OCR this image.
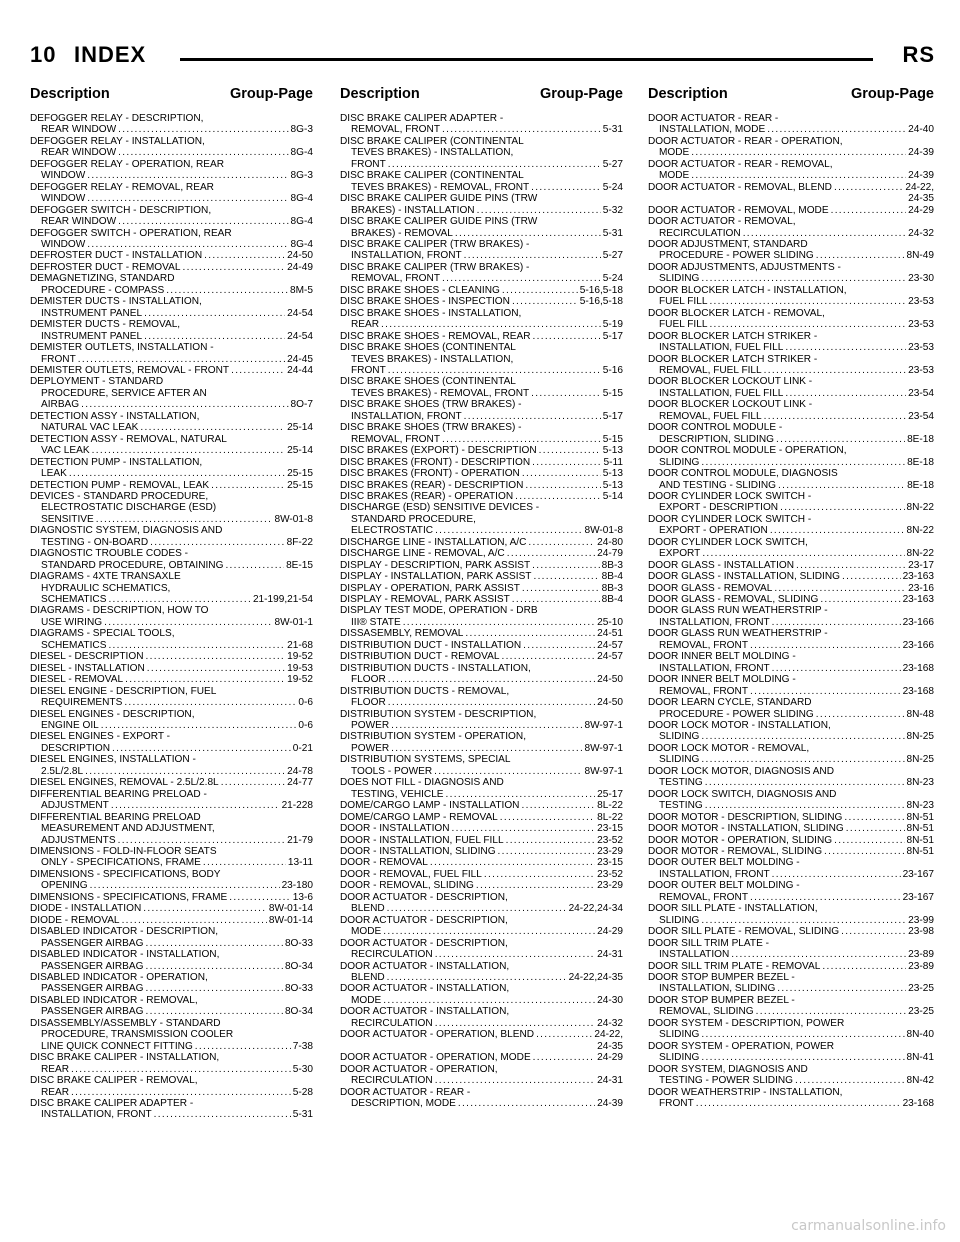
10 INDEX	RS
Description	Group-Page
DEFOGGER RELAY - DESCRIPTION,
REAR WINDOW .....	8G-3
DEFOGGER RELAY - INSTALLATION,
REAR WINDOW .....	8G-4
DEFOGGER RELAY - OPERATION, REAR
WINDOW .....	8G-3
DEFOGGER RELAY - REMOVAL, REAR
WINDOW .....	8G-4
DEFOGGER SWITCH - DESCRIPTION,
REAR WINDOW .....	8G-4
DEFOGGER SWITCH - OPERATION, REAR
WINDOW .....	8G-4
DEFROSTER DUCT - INSTALLATION .....	24-50
DEFROSTER DUCT - REMOVAL .....	24-49
DEMAGNETIZING, STANDARD
PROCEDURE - COMPASS .....	8M-5
DEMISTER DUCTS - INSTALLATION,
INSTRUMENT PANEL .....	24-54
DEMISTER DUCTS - REMOVAL,
INSTRUMENT PANEL .....	24-54
DEMISTER OUTLETS, INSTALLATION -
FRONT .....	24-45
DEMISTER OUTLETS, REMOVAL - FRONT .....	24-44
DEPLOYMENT - STANDARD
PROCEDURE, SERVICE AFTER AN
AIRBAG .....	8O-7
DETECTION ASSY - INSTALLATION,
NATURAL VAC LEAK .....	25-14
DETECTION ASSY - REMOVAL, NATURAL
VAC LEAK .....	25-14
DETECTION PUMP - INSTALLATION,
LEAK .....	25-15
DETECTION PUMP - REMOVAL, LEAK .....	25-15
DEVICES - STANDARD PROCEDURE,
ELECTROSTATIC DISCHARGE (ESD)
SENSITIVE .....	8W-01-8
DIAGNOSTIC SYSTEM, DIAGNOSIS AND
TESTING - ON-BOARD .....	8F-22
DIAGNOSTIC TROUBLE CODES -
STANDARD PROCEDURE, OBTAINING .....	8E-15
DIAGRAMS - 4XTE TRANSAXLE
HYDRAULIC SCHEMATICS,
SCHEMATICS .....	21-199,21-54
DIAGRAMS - DESCRIPTION, HOW TO
USE WIRING .....	8W-01-1
DIAGRAMS - SPECIAL TOOLS,
SCHEMATICS .....	21-68
DIESEL - DESCRIPTION .....	19-52
DIESEL - INSTALLATION .....	19-53
DIESEL - REMOVAL .....	19-52
DIESEL ENGINE - DESCRIPTION, FUEL
REQUIREMENTS .....	0-6
DIESEL ENGINES - DESCRIPTION,
ENGINE OIL .....	0-6
DIESEL ENGINES - EXPORT -
DESCRIPTION .....	0-21
DIESEL ENGINES, INSTALLATION -
2.5L/2.8L .....	24-78
DIESEL ENGINES, REMOVAL - 2.5L/2.8L .....	24-77
DIFFERENTIAL BEARING PRELOAD -
ADJUSTMENT .....	21-228
DIFFERENTIAL BEARING PRELOAD
MEASUREMENT AND ADJUSTMENT,
ADJUSTMENTS .....	21-79
DIMENSIONS - FOLD-IN-FLOOR SEATS
ONLY - SPECIFICATIONS, FRAME .....	13-11
DIMENSIONS - SPECIFICATIONS, BODY
OPENING .....	23-180
DIMENSIONS - SPECIFICATIONS, FRAME .....	13-6
DIODE - INSTALLATION .....	8W-01-14
DIODE - REMOVAL .....	8W-01-14
DISABLED INDICATOR - DESCRIPTION,
PASSENGER AIRBAG .....	8O-33
DISABLED INDICATOR - INSTALLATION,
PASSENGER AIRBAG .....	8O-34
DISABLED INDICATOR - OPERATION,
PASSENGER AIRBAG .....	8O-33
DISABLED INDICATOR - REMOVAL,
PASSENGER AIRBAG .....	8O-34
DISASSEMBLY/ASSEMBLY - STANDARD
PROCEDURE, TRANSMISSION COOLER
LINE QUICK CONNECT FITTING .....	7-38
DISC BRAKE CALIPER - INSTALLATION,
REAR .....	5-30
DISC BRAKE CALIPER - REMOVAL,
REAR .....	5-28
DISC BRAKE CALIPER ADAPTER -
INSTALLATION, FRONT .....	5-31
Description	Group-Page
DISC BRAKE CALIPER ADAPTER -
REMOVAL, FRONT .....	5-31
DISC BRAKE CALIPER (CONTINENTAL
TEVES BRAKES) - INSTALLATION,
FRONT .....	5-27
DISC BRAKE CALIPER (CONTINENTAL
TEVES BRAKES) - REMOVAL, FRONT .....	5-24
DISC BRAKE CALIPER GUIDE PINS (TRW
BRAKES) - INSTALLATION .....	5-32
DISC BRAKE CALIPER GUIDE PINS (TRW
BRAKES) - REMOVAL .....	5-31
DISC BRAKE CALIPER (TRW BRAKES) -
INSTALLATION, FRONT .....	5-27
DISC BRAKE CALIPER (TRW BRAKES) -
REMOVAL, FRONT .....	5-24
DISC BRAKE SHOES - CLEANING .....	5-16,5-18
DISC BRAKE SHOES - INSPECTION .....	5-16,5-18
DISC BRAKE SHOES - INSTALLATION,
REAR .....	5-19
DISC BRAKE SHOES - REMOVAL, REAR .....	5-17
DISC BRAKE SHOES (CONTINENTAL
TEVES BRAKES) - INSTALLATION,
FRONT .....	5-16
DISC BRAKE SHOES (CONTINENTAL
TEVES BRAKES) - REMOVAL, FRONT .....	5-15
DISC BRAKE SHOES (TRW BRAKES) -
INSTALLATION, FRONT .....	5-17
DISC BRAKE SHOES (TRW BRAKES) -
REMOVAL, FRONT .....	5-15
DISC BRAKES (EXPORT) - DESCRIPTION .....	5-13
DISC BRAKES (FRONT) - DESCRIPTION .....	5-11
DISC BRAKES (FRONT) - OPERATION .....	5-13
DISC BRAKES (REAR) - DESCRIPTION .....	5-13
DISC BRAKES (REAR) - OPERATION .....	5-14
DISCHARGE (ESD) SENSITIVE DEVICES -
STANDARD PROCEDURE,
ELECTROSTATIC .....	8W-01-8
DISCHARGE LINE - INSTALLATION, A/C .....	24-80
DISCHARGE LINE - REMOVAL, A/C .....	24-79
DISPLAY - DESCRIPTION, PARK ASSIST .....	8B-3
DISPLAY - INSTALLATION, PARK ASSIST .....	8B-4
DISPLAY - OPERATION, PARK ASSIST .....	8B-3
DISPLAY - REMOVAL, PARK ASSIST .....	8B-4
DISPLAY TEST MODE, OPERATION - DRB
III® STATE .....	25-10
DISSASEMBLY, REMOVAL .....	24-51
DISTRIBUTION DUCT - INSTALLATION .....	24-57
DISTRIBUTION DUCT - REMOVAL .....	24-57
DISTRIBUTION DUCTS - INSTALLATION,
FLOOR .....	24-50
DISTRIBUTION DUCTS - REMOVAL,
FLOOR .....	24-50
DISTRIBUTION SYSTEM - DESCRIPTION,
POWER .....	8W-97-1
DISTRIBUTION SYSTEM - OPERATION,
POWER .....	8W-97-1
DISTRIBUTION SYSTEMS, SPECIAL
TOOLS - POWER .....	8W-97-1
DOES NOT FILL - DIAGNOSIS AND
TESTING, VEHICLE .....	25-17
DOME/CARGO LAMP - INSTALLATION .....	8L-22
DOME/CARGO LAMP - REMOVAL .....	8L-22
DOOR - INSTALLATION .....	23-15
DOOR - INSTALLATION, FUEL FILL .....	23-52
DOOR - INSTALLATION, SLIDING .....	23-29
DOOR - REMOVAL .....	23-15
DOOR - REMOVAL, FUEL FILL .....	23-52
DOOR - REMOVAL, SLIDING .....	23-29
DOOR ACTUATOR - DESCRIPTION,
BLEND .....	24-22,24-34
DOOR ACTUATOR - DESCRIPTION,
MODE .....	24-29
DOOR ACTUATOR - DESCRIPTION,
RECIRCULATION .....	24-31
DOOR ACTUATOR - INSTALLATION,
BLEND .....	24-22,24-35
DOOR ACTUATOR - INSTALLATION,
MODE .....	24-30
DOOR ACTUATOR - INSTALLATION,
RECIRCULATION .....	24-32
DOOR ACTUATOR - OPERATION, BLEND .....	24-22,
24-35
DOOR ACTUATOR - OPERATION, MODE .....	24-29
DOOR ACTUATOR - OPERATION,
RECIRCULATION .....	24-31
DOOR ACTUATOR - REAR -
DESCRIPTION, MODE .....	24-39
Description	Group-Page
DOOR ACTUATOR - REAR -
INSTALLATION, MODE .....	24-40
DOOR ACTUATOR - REAR - OPERATION,
MODE .....	24-39
DOOR ACTUATOR - REAR - REMOVAL,
MODE .....	24-39
DOOR ACTUATOR - REMOVAL, BLEND .....	24-22,
24-35
DOOR ACTUATOR - REMOVAL, MODE .....	24-29
DOOR ACTUATOR - REMOVAL,
RECIRCULATION .....	24-32
DOOR ADJUSTMENT, STANDARD
PROCEDURE - POWER SLIDING .....	8N-49
DOOR ADJUSTMENTS, ADJUSTMENTS -
SLIDING .....	23-30
DOOR BLOCKER LATCH - INSTALLATION,
FUEL FILL .....	23-53
DOOR BLOCKER LATCH - REMOVAL,
FUEL FILL .....	23-53
DOOR BLOCKER LATCH STRIKER -
INSTALLATION, FUEL FILL .....	23-53
DOOR BLOCKER LATCH STRIKER -
REMOVAL, FUEL FILL .....	23-53
DOOR BLOCKER LOCKOUT LINK -
INSTALLATION, FUEL FILL .....	23-54
DOOR BLOCKER LOCKOUT LINK -
REMOVAL, FUEL FILL .....	23-54
DOOR CONTROL MODULE -
DESCRIPTION, SLIDING .....	8E-18
DOOR CONTROL MODULE - OPERATION,
SLIDING .....	8E-18
DOOR CONTROL MODULE, DIAGNOSIS
AND TESTING - SLIDING .....	8E-18
DOOR CYLINDER LOCK SWITCH -
EXPORT - DESCRIPTION .....	8N-22
DOOR CYLINDER LOCK SWITCH -
EXPORT - OPERATION .....	8N-22
DOOR CYLINDER LOCK SWITCH,
EXPORT .....	8N-22
DOOR GLASS - INSTALLATION .....	23-17
DOOR GLASS - INSTALLATION, SLIDING .....	23-163
DOOR GLASS - REMOVAL .....	23-16
DOOR GLASS - REMOVAL, SLIDING .....	23-163
DOOR GLASS RUN WEATHERSTRIP -
INSTALLATION, FRONT .....	23-166
DOOR GLASS RUN WEATHERSTRIP -
REMOVAL, FRONT .....	23-166
DOOR INNER BELT MOLDING -
INSTALLATION, FRONT .....	23-168
DOOR INNER BELT MOLDING -
REMOVAL, FRONT .....	23-168
DOOR LEARN CYCLE, STANDARD
PROCEDURE - POWER SLIDING .....	8N-48
DOOR LOCK MOTOR - INSTALLATION,
SLIDING .....	8N-25
DOOR LOCK MOTOR - REMOVAL,
SLIDING .....	8N-25
DOOR LOCK MOTOR, DIAGNOSIS AND
TESTING .....	8N-23
DOOR LOCK SWITCH, DIAGNOSIS AND
TESTING .....	8N-23
DOOR MOTOR - DESCRIPTION, SLIDING .....	8N-51
DOOR MOTOR - INSTALLATION, SLIDING .....	8N-51
DOOR MOTOR - OPERATION, SLIDING .....	8N-51
DOOR MOTOR - REMOVAL, SLIDING .....	8N-51
DOOR OUTER BELT MOLDING -
INSTALLATION, FRONT .....	23-167
DOOR OUTER BELT MOLDING -
REMOVAL, FRONT .....	23-167
DOOR SILL PLATE - INSTALLATION,
SLIDING .....	23-99
DOOR SILL PLATE - REMOVAL, SLIDING .....	23-98
DOOR SILL TRIM PLATE -
INSTALLATION .....	23-89
DOOR SILL TRIM PLATE - REMOVAL .....	23-89
DOOR STOP BUMPER BEZEL -
INSTALLATION, SLIDING .....	23-25
DOOR STOP BUMPER BEZEL -
REMOVAL, SLIDING .....	23-25
DOOR SYSTEM - DESCRIPTION, POWER
SLIDING .....	8N-40
DOOR SYSTEM - OPERATION, POWER
SLIDING .....	8N-41
DOOR SYSTEM, DIAGNOSIS AND
TESTING - POWER SLIDING .....	8N-42
DOOR WEATHERSTRIP - INSTALLATION,
FRONT .....	23-168
carmanualsonline.info
